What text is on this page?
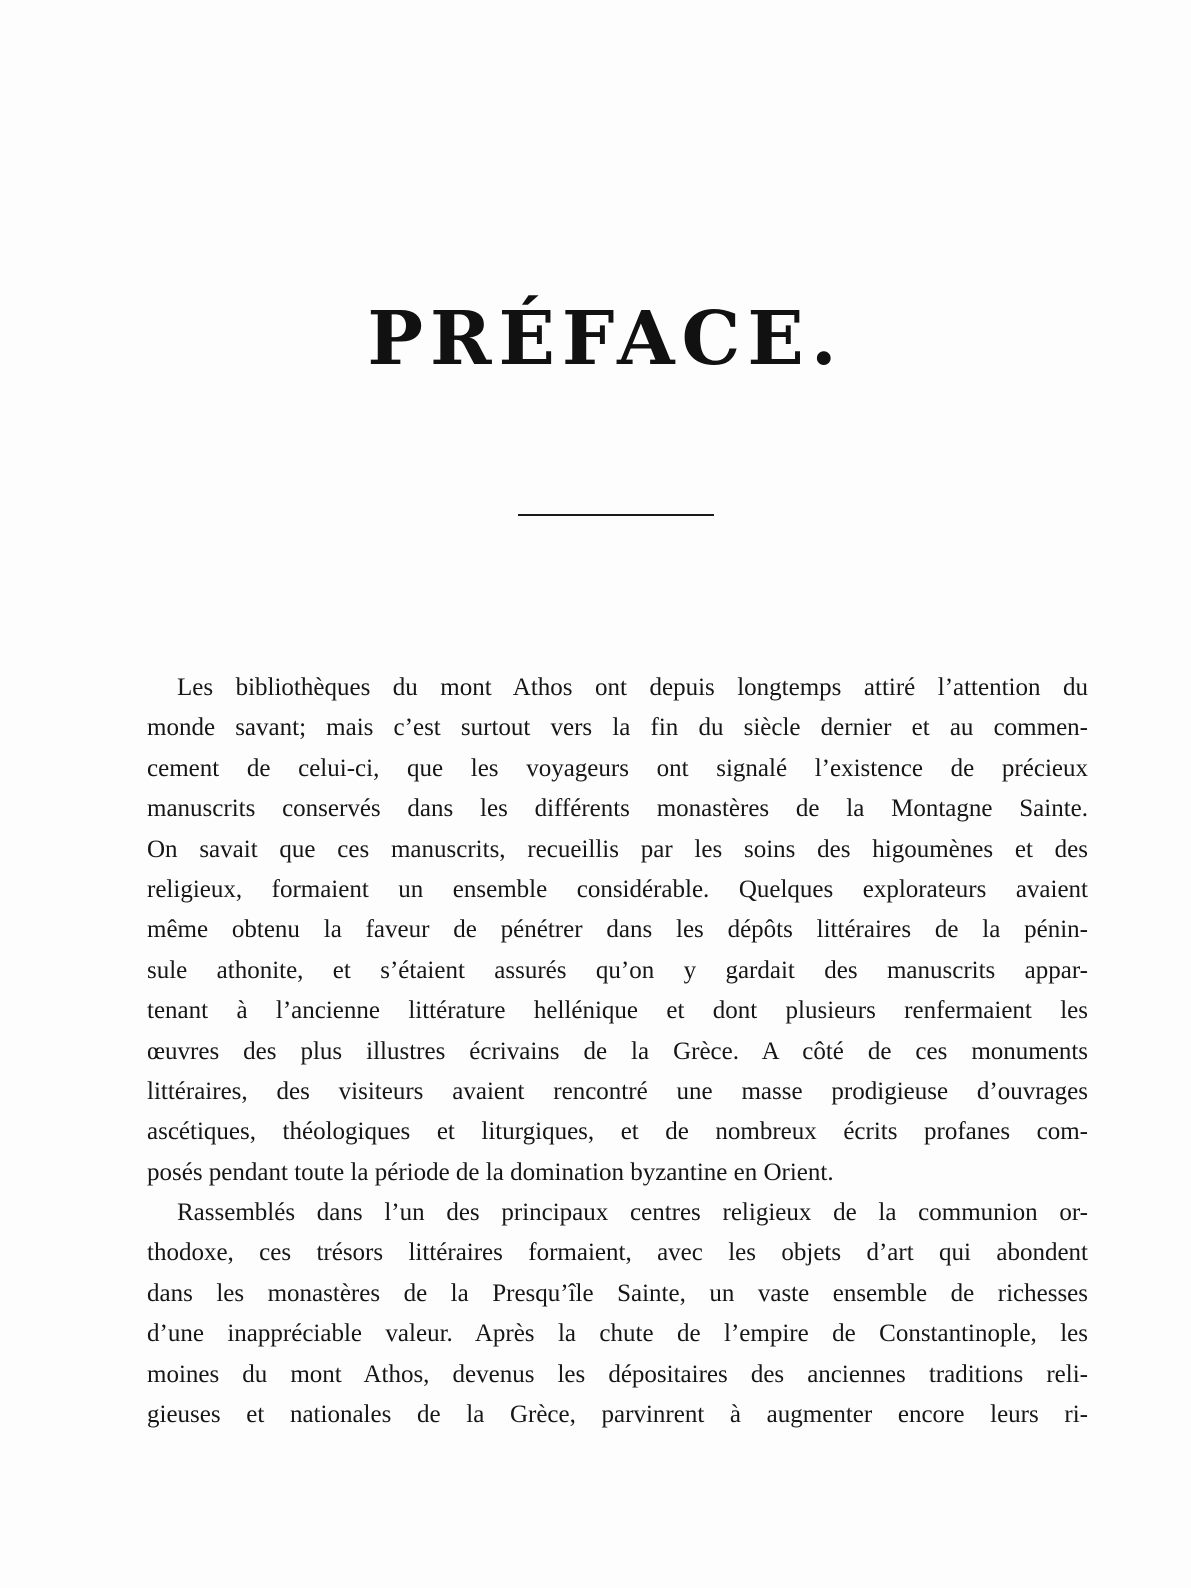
PRÉFACE.
Les bibliothèques du mont Athos ont depuis longtemps attiré l’attention du
monde savant; mais c’est surtout vers la fin du siècle dernier et au commen-
cement de celui-ci, que les voyageurs ont signalé l’existence de précieux
manuscrits conservés dans les différents monastères de la Montagne Sainte.
On savait que ces manuscrits, recueillis par les soins des higoumènes et des
religieux, formaient un ensemble considérable. Quelques explorateurs avaient
même obtenu la faveur de pénétrer dans les dépôts littéraires de la pénin-
sule athonite, et s’étaient assurés qu’on y gardait des manuscrits appar-
tenant à l’ancienne littérature hellénique et dont plusieurs renfermaient les
œuvres des plus illustres écrivains de la Grèce. A côté de ces monuments
littéraires, des visiteurs avaient rencontré une masse prodigieuse d’ouvrages
ascétiques, théologiques et liturgiques, et de nombreux écrits profanes com-
posés pendant toute la période de la domination byzantine en Orient.
Rassemblés dans l’un des principaux centres religieux de la communion or-
thodoxe, ces trésors littéraires formaient, avec les objets d’art qui abondent
dans les monastères de la Presqu’île Sainte, un vaste ensemble de richesses
d’une inappréciable valeur. Après la chute de l’empire de Constantinople, les
moines du mont Athos, devenus les dépositaires des anciennes traditions reli-
gieuses et nationales de la Grèce, parvinrent à augmenter encore leurs ri-
